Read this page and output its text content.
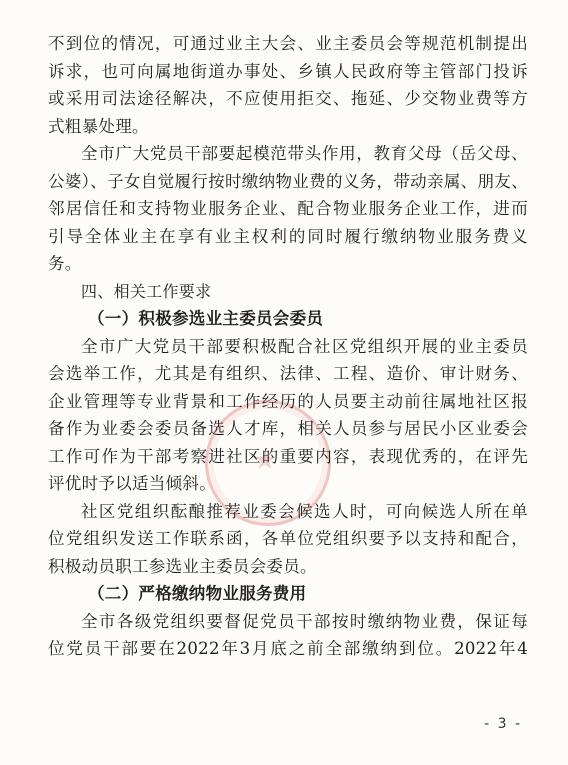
不到位的情况，可通过业主大会、业主委员会等规范机制提出
诉求，也可向属地街道办事处、乡镇人民政府等主管部门投诉
或采用司法途径解决，不应使用拒交、拖延、少交物业费等方
式粗暴处理。
全市广大党员干部要起模范带头作用，教育父母（岳父母、
公婆）、子女自觉履行按时缴纳物业费的义务，带动亲属、朋友、
邻居信任和支持物业服务企业、配合物业服务企业工作，进而
引导全体业主在享有业主权利的同时履行缴纳物业服务费义
务。
四、相关工作要求
（一）积极参选业主委员会委员
全市广大党员干部要积极配合社区党组织开展的业主委员
会选举工作，尤其是有组织、法律、工程、造价、审计财务、
企业管理等专业背景和工作经历的人员要主动前往属地社区报
备作为业委会委员备选人才库，相关人员参与居民小区业委会
工作可作为干部考察进社区的重要内容，表现优秀的，在评先
评优时予以适当倾斜。
社区党组织酝酿推荐业委会候选人时，可向候选人所在单
位党组织发送工作联系函，各单位党组织要予以支持和配合，
积极动员职工参选业主委员会委员。
（二）严格缴纳物业服务费用
全市各级党组织要督促党员干部按时缴纳物业费，保证每
位党员干部要在2022年3月底之前全部缴纳到位。2022年4
- 3 -
